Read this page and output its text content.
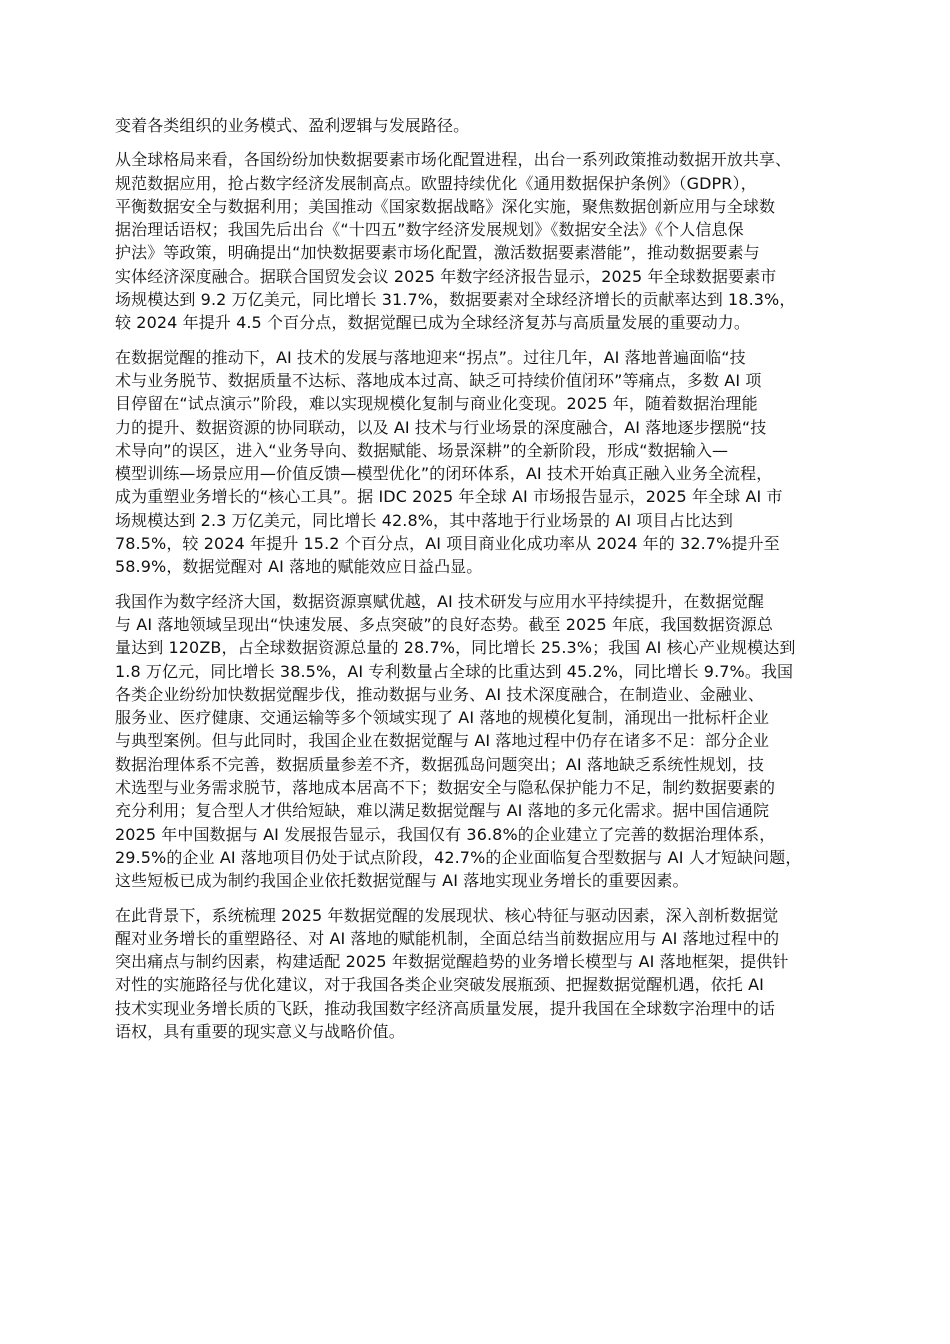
变着各类组织的业务模式、盈利逻辑与发展路径。
从全球格局来看，各国纷纷加快数据要素市场化配置进程，出台一系列政策推动数据开放共享、
规范数据应用，抢占数字经济发展制高点。欧盟持续优化《通用数据保护条例》（GDPR），
平衡数据安全与数据利用；美国推动《国家数据战略》深化实施，聚焦数据创新应用与全球数
据治理话语权；我国先后出台《“十四五”数字经济发展规划》《数据安全法》《个人信息保
护法》等政策，明确提出“加快数据要素市场化配置，激活数据要素潜能”，推动数据要素与
实体经济深度融合。据联合国贸发会议 2025 年数字经济报告显示，2025 年全球数据要素市
场规模达到 9.2 万亿美元，同比增长 31.7%，数据要素对全球经济增长的贡献率达到 18.3%，
较 2024 年提升 4.5 个百分点，数据觉醒已成为全球经济复苏与高质量发展的重要动力。
在数据觉醒的推动下，AI 技术的发展与落地迎来“拐点”。过往几年，AI 落地普遍面临“技
术与业务脱节、数据质量不达标、落地成本过高、缺乏可持续价值闭环”等痛点，多数 AI 项
目停留在“试点演示”阶段，难以实现规模化复制与商业化变现。2025 年，随着数据治理能
力的提升、数据资源的协同联动，以及 AI 技术与行业场景的深度融合，AI 落地逐步摆脱“技
术导向”的误区，进入“业务导向、数据赋能、场景深耕”的全新阶段，形成“数据输入—
模型训练—场景应用—价值反馈—模型优化”的闭环体系，AI 技术开始真正融入业务全流程，
成为重塑业务增长的“核心工具”。据 IDC 2025 年全球 AI 市场报告显示，2025 年全球 AI 市
场规模达到 2.3 万亿美元，同比增长 42.8%，其中落地于行业场景的 AI 项目占比达到
78.5%，较 2024 年提升 15.2 个百分点，AI 项目商业化成功率从 2024 年的 32.7%提升至
58.9%，数据觉醒对 AI 落地的赋能效应日益凸显。
我国作为数字经济大国，数据资源禀赋优越，AI 技术研发与应用水平持续提升，在数据觉醒
与 AI 落地领域呈现出“快速发展、多点突破”的良好态势。截至 2025 年底，我国数据资源总
量达到 120ZB，占全球数据资源总量的 28.7%，同比增长 25.3%；我国 AI 核心产业规模达到
1.8 万亿元，同比增长 38.5%，AI 专利数量占全球的比重达到 45.2%，同比增长 9.7%。我国
各类企业纷纷加快数据觉醒步伐，推动数据与业务、AI 技术深度融合，在制造业、金融业、
服务业、医疗健康、交通运输等多个领域实现了 AI 落地的规模化复制，涌现出一批标杆企业
与典型案例。但与此同时，我国企业在数据觉醒与 AI 落地过程中仍存在诸多不足：部分企业
数据治理体系不完善，数据质量参差不齐，数据孤岛问题突出；AI 落地缺乏系统性规划，技
术选型与业务需求脱节，落地成本居高不下；数据安全与隐私保护能力不足，制约数据要素的
充分利用；复合型人才供给短缺，难以满足数据觉醒与 AI 落地的多元化需求。据中国信通院
2025 年中国数据与 AI 发展报告显示，我国仅有 36.8%的企业建立了完善的数据治理体系，
29.5%的企业 AI 落地项目仍处于试点阶段，42.7%的企业面临复合型数据与 AI 人才短缺问题，
这些短板已成为制约我国企业依托数据觉醒与 AI 落地实现业务增长的重要因素。
在此背景下，系统梳理 2025 年数据觉醒的发展现状、核心特征与驱动因素，深入剖析数据觉
醒对业务增长的重塑路径、对 AI 落地的赋能机制，全面总结当前数据应用与 AI 落地过程中的
突出痛点与制约因素，构建适配 2025 年数据觉醒趋势的业务增长模型与 AI 落地框架，提供针
对性的实施路径与优化建议，对于我国各类企业突破发展瓶颈、把握数据觉醒机遇，依托 AI
技术实现业务增长质的飞跃，推动我国数字经济高质量发展，提升我国在全球数字治理中的话
语权，具有重要的现实意义与战略价值。
